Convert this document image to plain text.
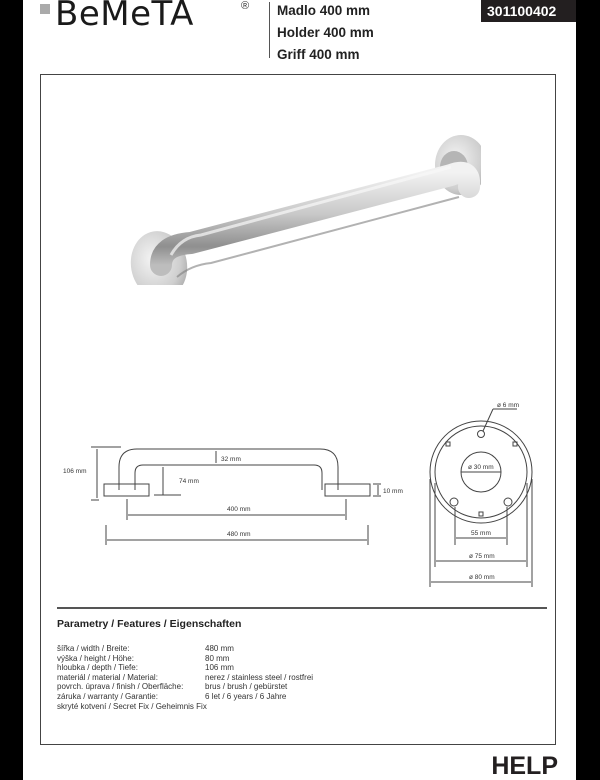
BeMeTA	® Madlo 400 mm
Holder 400 mm
Griff 400 mm
301100402
106 mm
32 mm
74 mm
10 mm
400 mm
480 mm
ø 6 mm
ø 30 mm
55 mm
ø 75 mm
ø 80 mm
Parametry / Features / Eigenschaften
šířka / width / Breite:	480 mm
výška / height / Höhe:	80 mm
hloubka / depth / Tiefe:	106 mm
materiál / material / Material:	nerez / stainless steel / rostfrei
povrch. úprava / finish / Oberfläche:	brus / brush / gebürstet
záruka / warranty / Garantie:	6 let / 6 years / 6 Jahre
skryté kotvení / Secret Fix / Geheimnis Fix
HELP
